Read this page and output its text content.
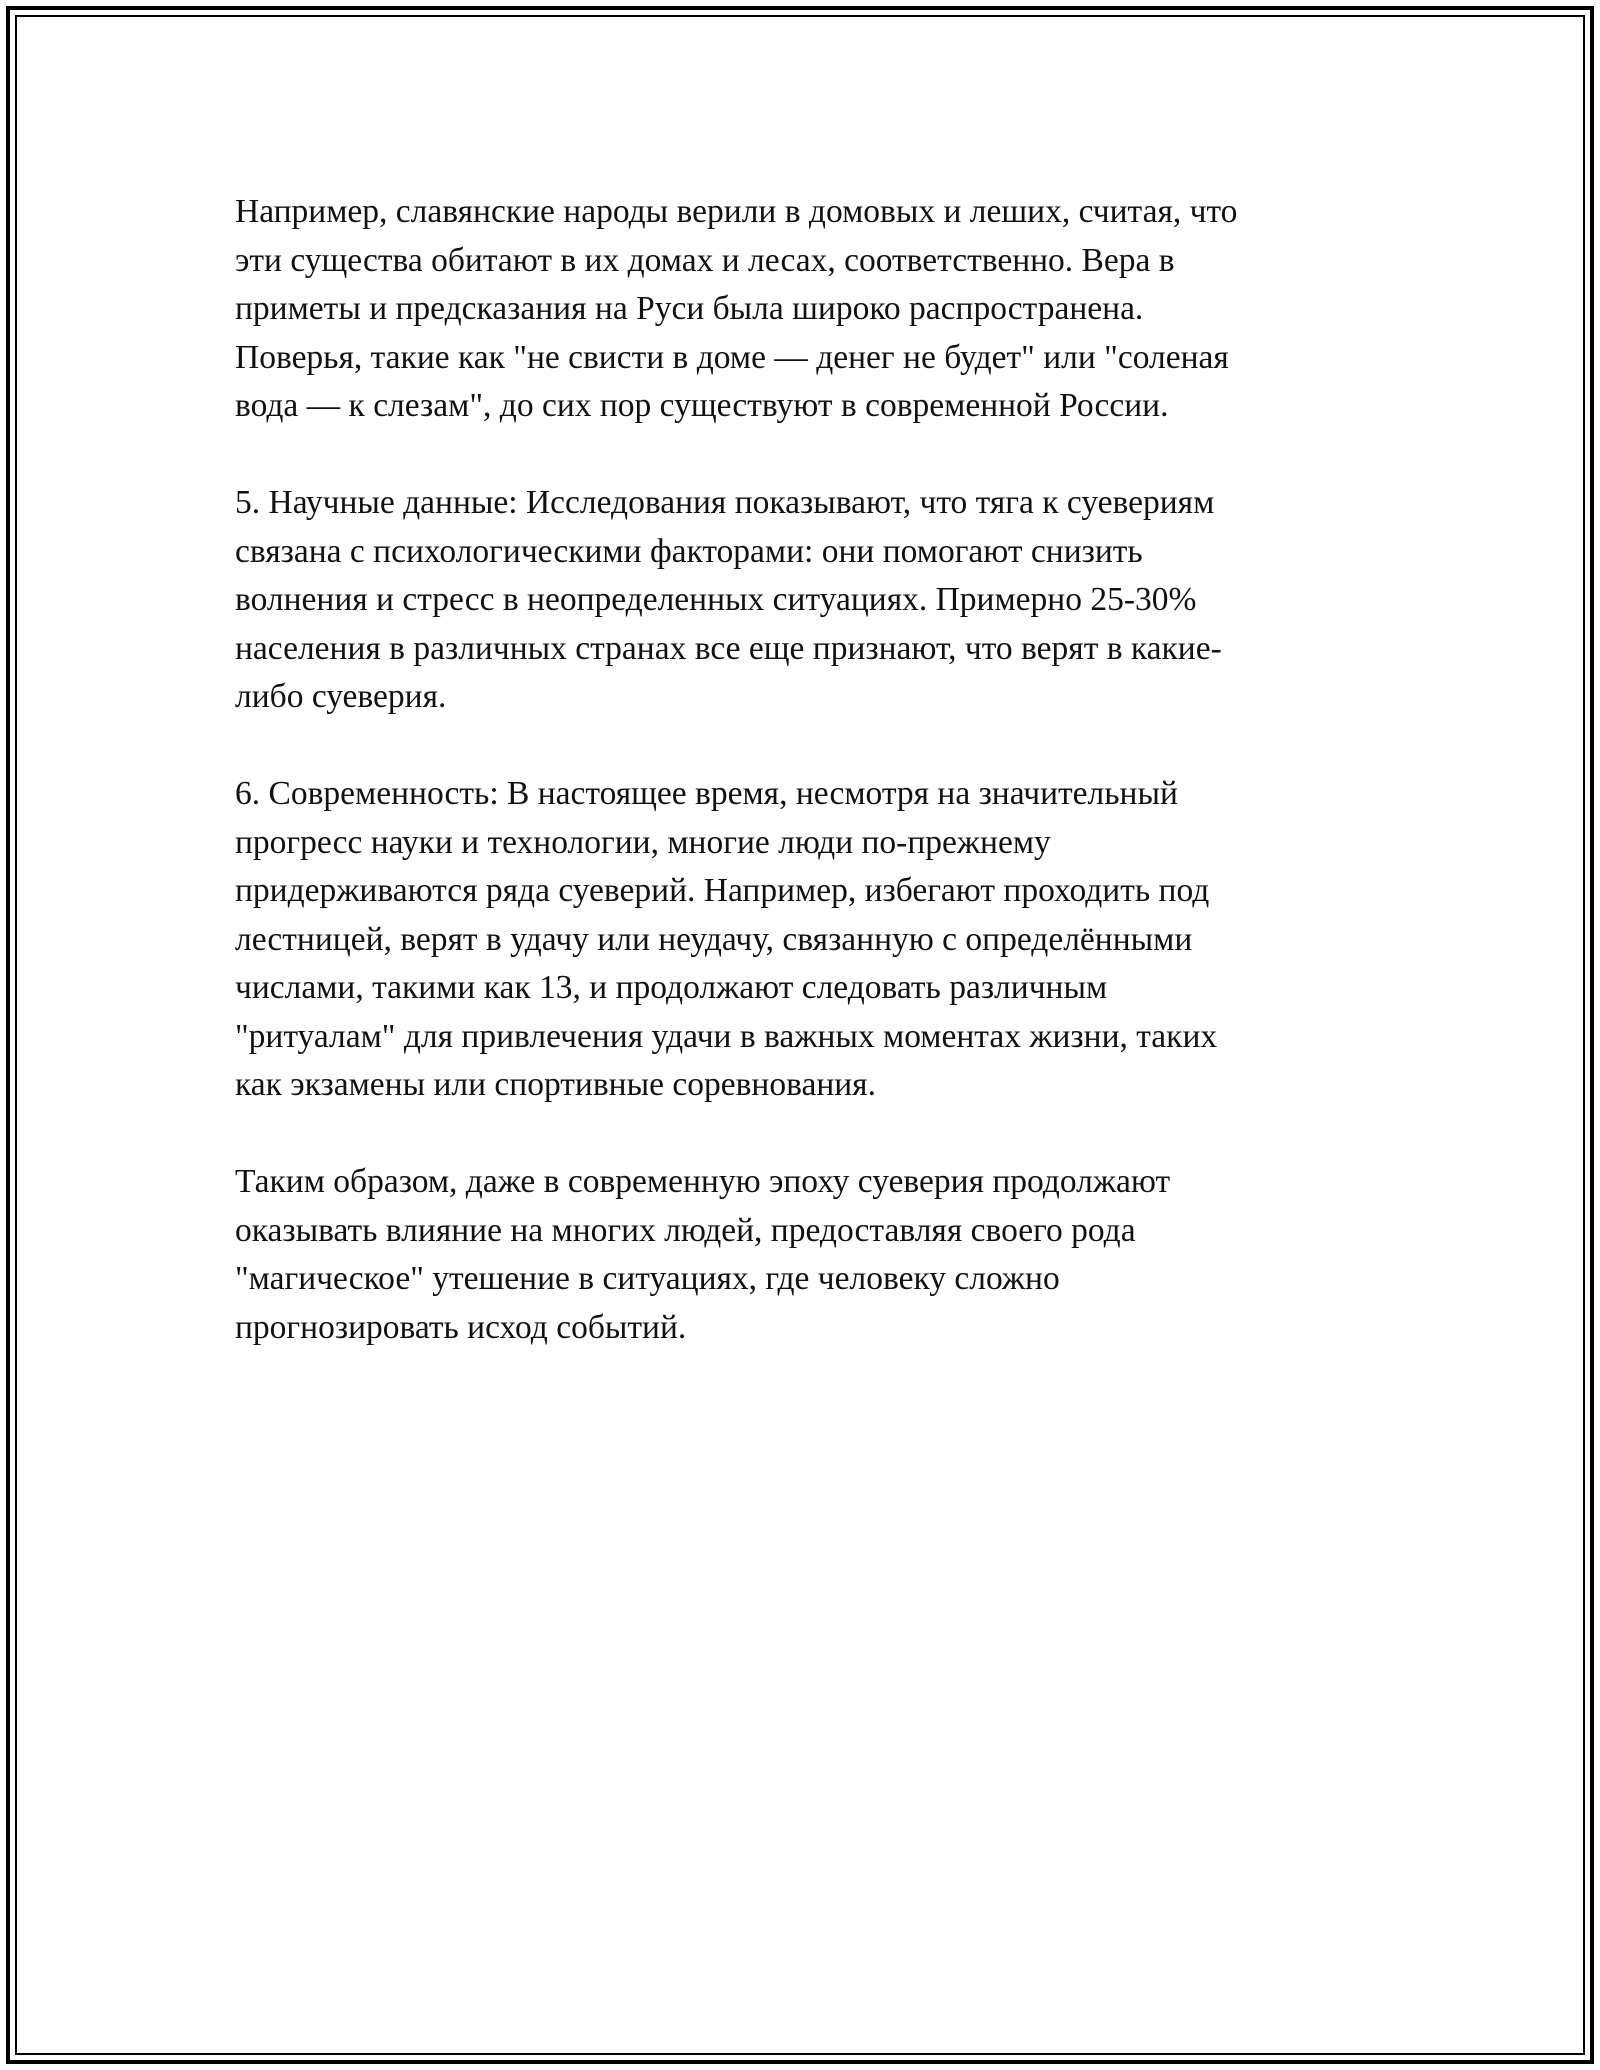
Например, славянские народы верили в домовых и леших, считая, что
эти существа обитают в их домах и лесах, соответственно. Вера в
приметы и предсказания на Руси была широко распространена.
Поверья, такие как "не свисти в доме — денег не будет" или "соленая
вода — к слезам", до сих пор существуют в современной России.

5. Научные данные: Исследования показывают, что тяга к суевериям
связана с психологическими факторами: они помогают снизить
волнения и стресс в неопределенных ситуациях. Примерно 25-30%
населения в различных странах все еще признают, что верят в какие-
либо суеверия.

6. Современность: В настоящее время, несмотря на значительный
прогресс науки и технологии, многие люди по-прежнему
придерживаются ряда суеверий. Например, избегают проходить под
лестницей, верят в удачу или неудачу, связанную с определёнными
числами, такими как 13, и продолжают следовать различным
"ритуалам" для привлечения удачи в важных моментах жизни, таких
как экзамены или спортивные соревнования.

Таким образом, даже в современную эпоху суеверия продолжают
оказывать влияние на многих людей, предоставляя своего рода
"магическое" утешение в ситуациях, где человеку сложно
прогнозировать исход событий.
